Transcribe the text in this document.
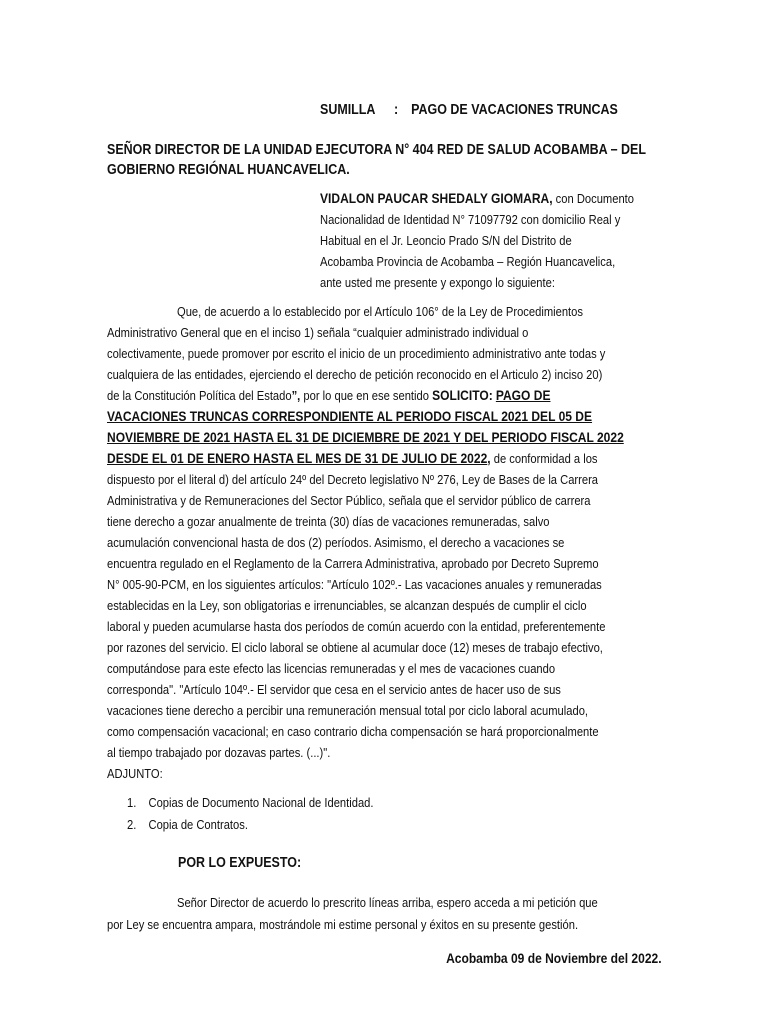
SUMILLA : PAGO DE VACACIONES TRUNCAS
SEÑOR DIRECTOR DE LA UNIDAD EJECUTORA N° 404 RED DE SALUD ACOBAMBA – DEL
GOBIERNO REGIÓNAL HUANCAVELICA.
VIDALON PAUCAR SHEDALY GIOMARA, con Documento
Nacionalidad de Identidad N° 71097792 con domicilio Real y
Habitual en el Jr. Leoncio Prado S/N del Distrito de
Acobamba Provincia de Acobamba – Región Huancavelica,
ante usted me presente y expongo lo siguiente:
Que, de acuerdo a lo establecido por el Artículo 106° de la Ley de Procedimientos
Administrativo General que en el inciso 1) señala “cualquier administrado individual o
colectivamente, puede promover por escrito el inicio de un procedimiento administrativo ante todas y
cualquiera de las entidades, ejerciendo el derecho de petición reconocido en el Articulo 2) inciso 20)
de la Constitución Política del Estado”, por lo que en ese sentido SOLICITO: PAGO DE
VACACIONES TRUNCAS CORRESPONDIENTE AL PERIODO FISCAL 2021 DEL 05 DE
NOVIEMBRE DE 2021 HASTA EL 31 DE DICIEMBRE DE 2021 Y DEL PERIODO FISCAL 2022
DESDE EL 01 DE ENERO HASTA EL MES DE 31 DE JULIO DE 2022, de conformidad a los
dispuesto por el literal d) del artículo 24º del Decreto legislativo Nº 276, Ley de Bases de la Carrera
Administrativa y de Remuneraciones del Sector Público, señala que el servidor público de carrera
tiene derecho a gozar anualmente de treinta (30) días de vacaciones remuneradas, salvo
acumulación convencional hasta de dos (2) períodos. Asimismo, el derecho a vacaciones se
encuentra regulado en el Reglamento de la Carrera Administrativa, aprobado por Decreto Supremo
N° 005-90-PCM, en los siguientes artículos: "Artículo 102º.- Las vacaciones anuales y remuneradas
establecidas en la Ley, son obligatorias e irrenunciables, se alcanzan después de cumplir el ciclo
laboral y pueden acumularse hasta dos períodos de común acuerdo con la entidad, preferentemente
por razones del servicio. El ciclo laboral se obtiene al acumular doce (12) meses de trabajo efectivo,
computándose para este efecto las licencias remuneradas y el mes de vacaciones cuando
corresponda". "Artículo 104º.- El servidor que cesa en el servicio antes de hacer uso de sus
vacaciones tiene derecho a percibir una remuneración mensual total por ciclo laboral acumulado,
como compensación vacacional; en caso contrario dicha compensación se hará proporcionalmente
al tiempo trabajado por dozavas partes. (...)".
ADJUNTO:
1. Copias de Documento Nacional de Identidad.
2. Copia de Contratos.
POR LO EXPUESTO:
Señor Director de acuerdo lo prescrito líneas arriba, espero acceda a mi petición que
por Ley se encuentra ampara, mostrándole mi estime personal y éxitos en su presente gestión.
Acobamba 09 de Noviembre del 2022.
